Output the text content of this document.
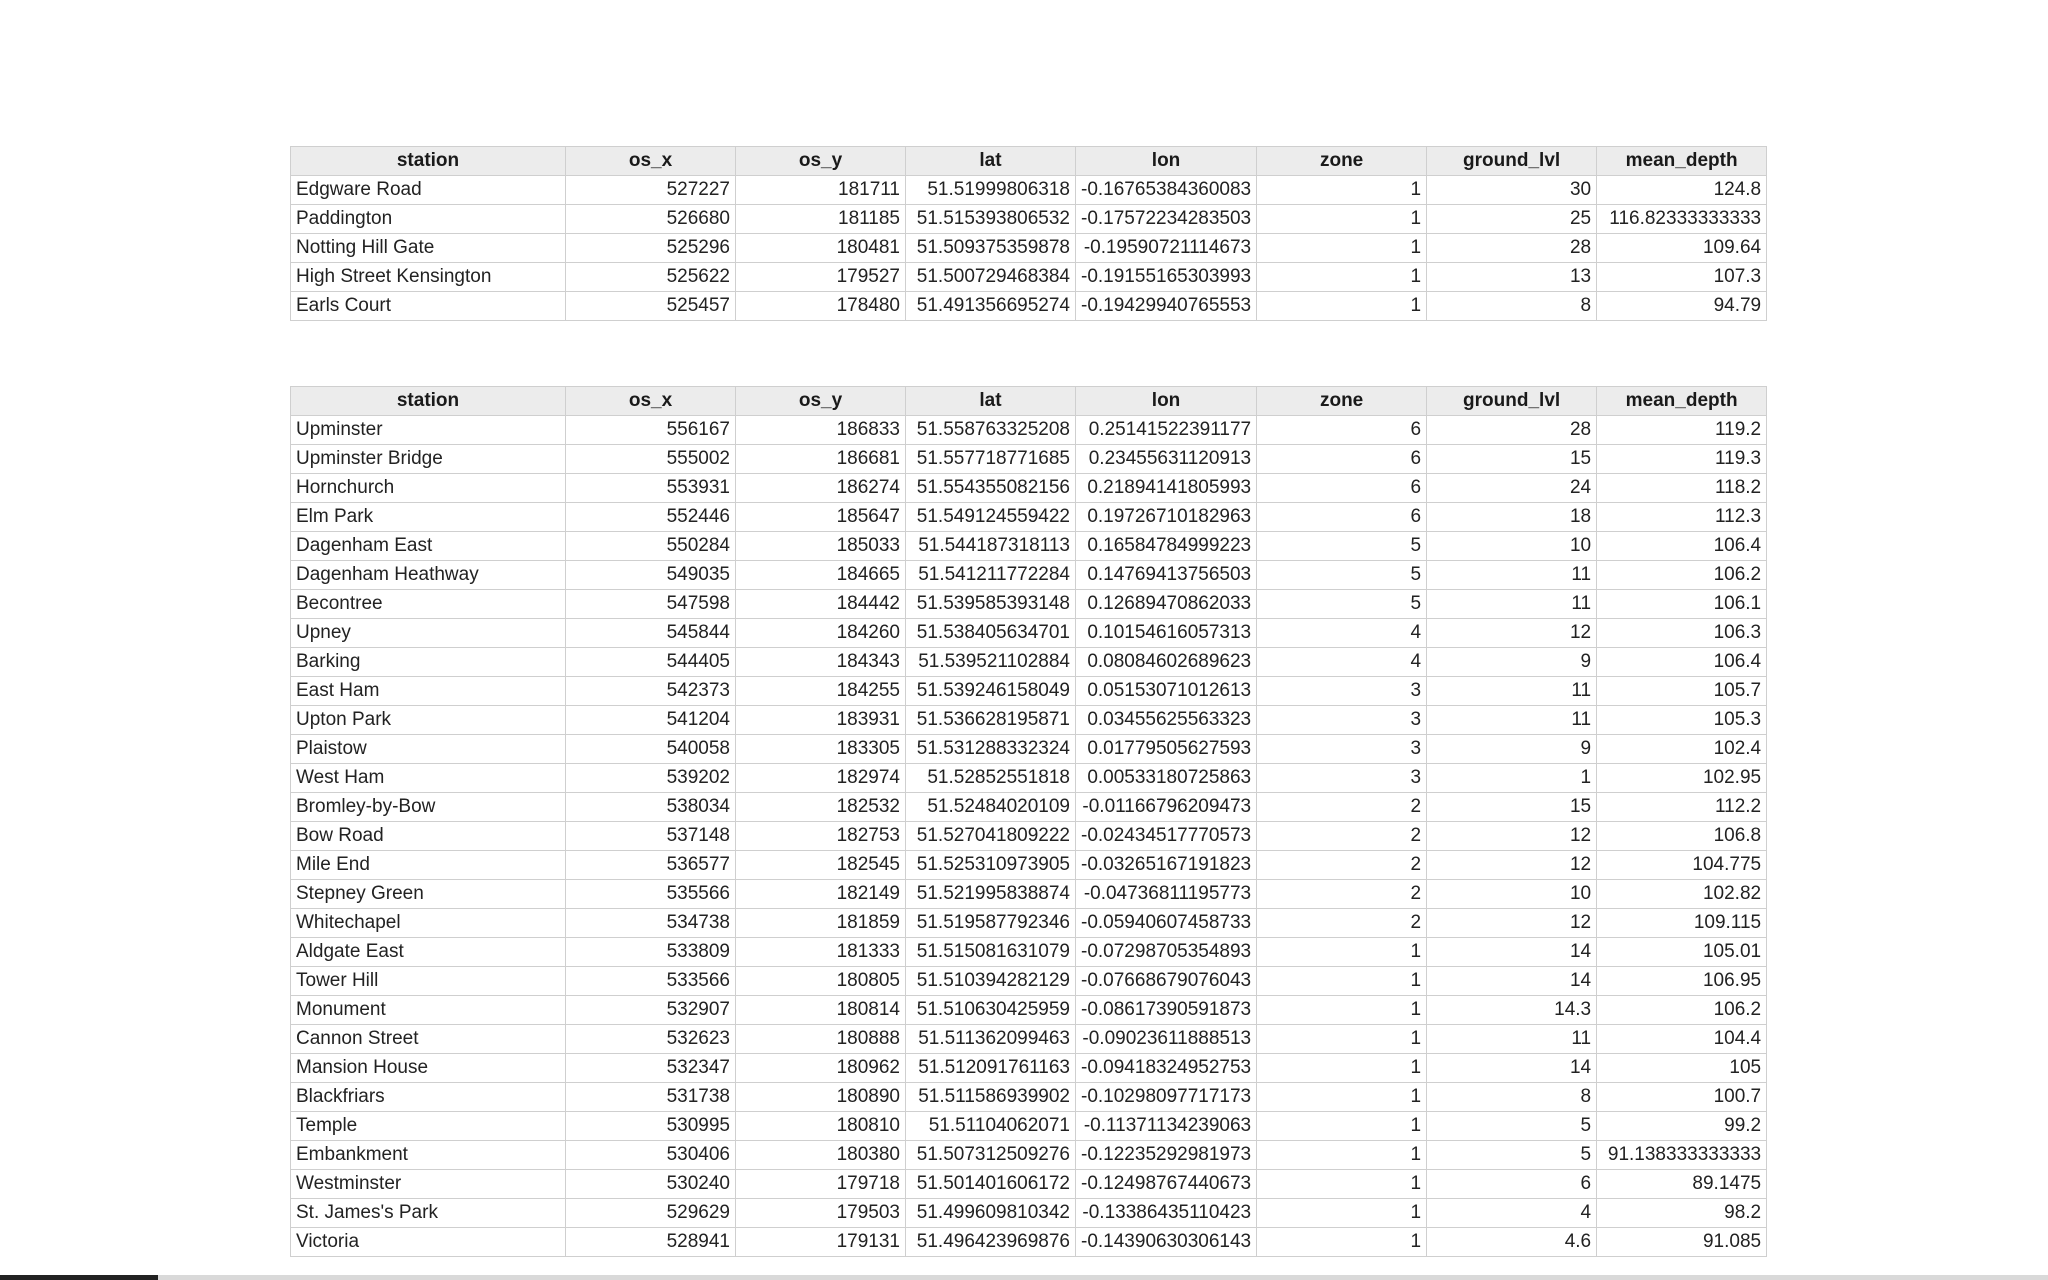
station	os_x	os_y	lat	lon	zone	ground_lvl	mean_depth
Edgware Road	527227	181711	51.51999806318	-0.16765384360083	1	30	124.8
Paddington	526680	181185	51.515393806532	-0.17572234283503	1	25	116.82333333333
Notting Hill Gate	525296	180481	51.509375359878	-0.19590721114673	1	28	109.64
High Street Kensington	525622	179527	51.500729468384	-0.19155165303993	1	13	107.3
Earls Court	525457	178480	51.491356695274	-0.19429940765553	1	8	94.79
station	os_x	os_y	lat	lon	zone	ground_lvl	mean_depth
Upminster	556167	186833	51.558763325208	0.25141522391177	6	28	119.2
Upminster Bridge	555002	186681	51.557718771685	0.23455631120913	6	15	119.3
Hornchurch	553931	186274	51.554355082156	0.21894141805993	6	24	118.2
Elm Park	552446	185647	51.549124559422	0.19726710182963	6	18	112.3
Dagenham East	550284	185033	51.544187318113	0.16584784999223	5	10	106.4
Dagenham Heathway	549035	184665	51.541211772284	0.14769413756503	5	11	106.2
Becontree	547598	184442	51.539585393148	0.12689470862033	5	11	106.1
Upney	545844	184260	51.538405634701	0.10154616057313	4	12	106.3
Barking	544405	184343	51.539521102884	0.08084602689623	4	9	106.4
East Ham	542373	184255	51.539246158049	0.05153071012613	3	11	105.7
Upton Park	541204	183931	51.536628195871	0.03455625563323	3	11	105.3
Plaistow	540058	183305	51.531288332324	0.01779505627593	3	9	102.4
West Ham	539202	182974	51.52852551818	0.00533180725863	3	1	102.95
Bromley-by-Bow	538034	182532	51.52484020109	-0.01166796209473	2	15	112.2
Bow Road	537148	182753	51.527041809222	-0.02434517770573	2	12	106.8
Mile End	536577	182545	51.525310973905	-0.03265167191823	2	12	104.775
Stepney Green	535566	182149	51.521995838874	-0.04736811195773	2	10	102.82
Whitechapel	534738	181859	51.519587792346	-0.05940607458733	2	12	109.115
Aldgate East	533809	181333	51.515081631079	-0.07298705354893	1	14	105.01
Tower Hill	533566	180805	51.510394282129	-0.07668679076043	1	14	106.95
Monument	532907	180814	51.510630425959	-0.08617390591873	1	14.3	106.2
Cannon Street	532623	180888	51.511362099463	-0.09023611888513	1	11	104.4
Mansion House	532347	180962	51.512091761163	-0.09418324952753	1	14	105
Blackfriars	531738	180890	51.511586939902	-0.10298097717173	1	8	100.7
Temple	530995	180810	51.51104062071	-0.11371134239063	1	5	99.2
Embankment	530406	180380	51.507312509276	-0.12235292981973	1	5	91.138333333333
Westminster	530240	179718	51.501401606172	-0.12498767440673	1	6	89.1475
St. James's Park	529629	179503	51.499609810342	-0.13386435110423	1	4	98.2
Victoria	528941	179131	51.496423969876	-0.14390630306143	1	4.6	91.085
